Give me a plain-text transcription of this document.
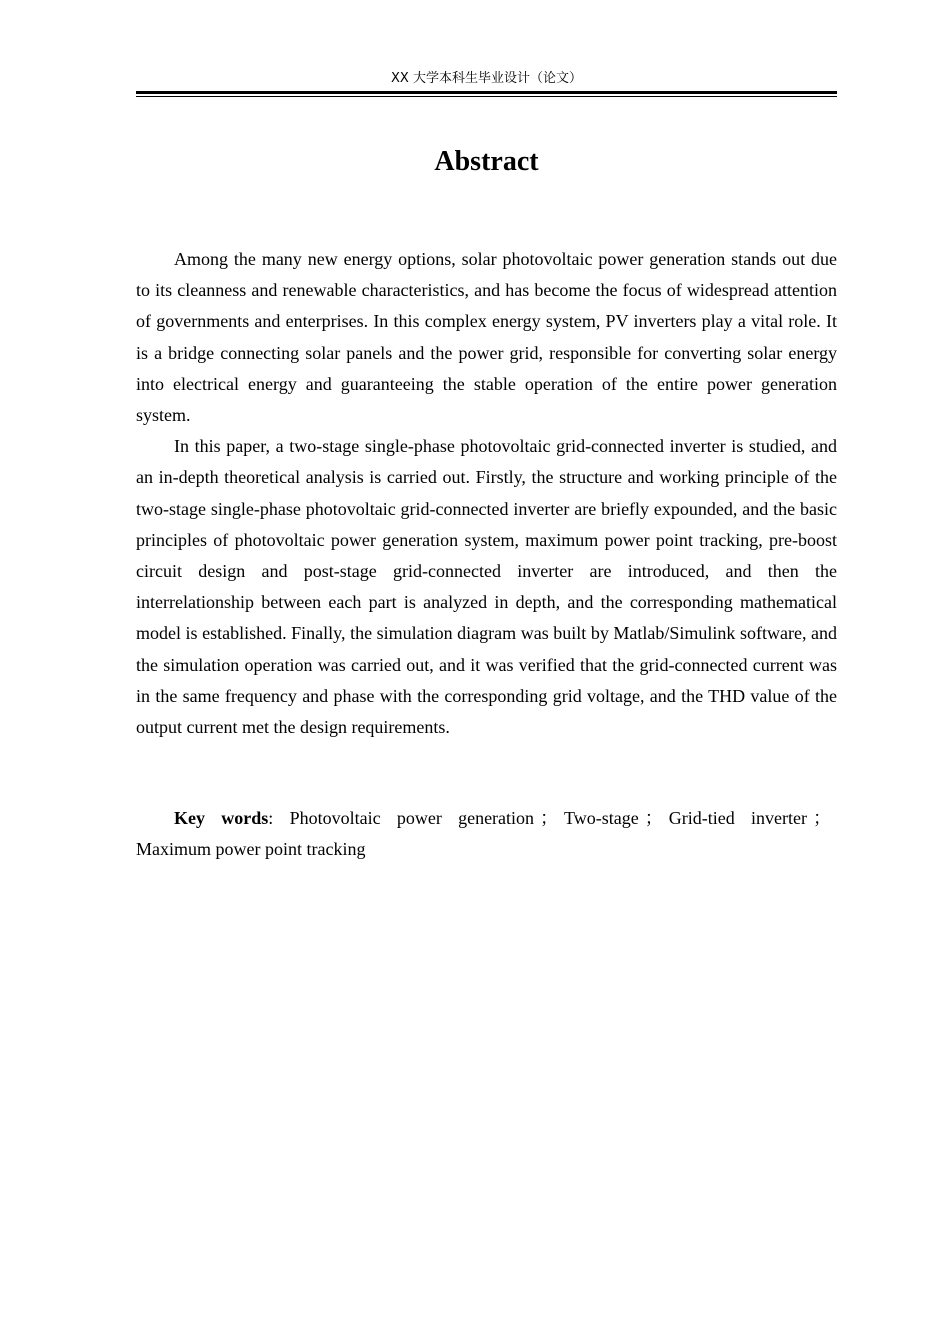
XX 大学本科生毕业设计（论文）
Abstract

Among the many new energy options, solar photovoltaic power generation stands out due to its cleanness and renewable characteristics, and has become the focus of widespread attention of governments and enterprises. In this complex energy system, PV inverters play a vital role. It is a bridge connecting solar panels and the power grid, responsible for converting solar energy into electrical energy and guaranteeing the stable operation of the entire power generation system.

In this paper, a two-stage single-phase photovoltaic grid-connected inverter is studied, and an in-depth theoretical analysis is carried out. Firstly, the structure and working principle of the two-stage single-phase photovoltaic grid-connected inverter are briefly expounded, and the basic principles of photovoltaic power generation system, maximum power point tracking, pre-boost circuit design and post-stage grid-connected inverter are introduced, and then the interrelationship between each part is analyzed in depth, and the corresponding mathematical model is established. Finally, the simulation diagram was built by Matlab/Simulink software, and the simulation operation was carried out, and it was verified that the grid-connected current was in the same frequency and phase with the corresponding grid voltage, and the THD value of the output current met the design requirements.

Key words: Photovoltaic power generation ； Two-stage ； Grid-tied inverter ；Maximum power point tracking
